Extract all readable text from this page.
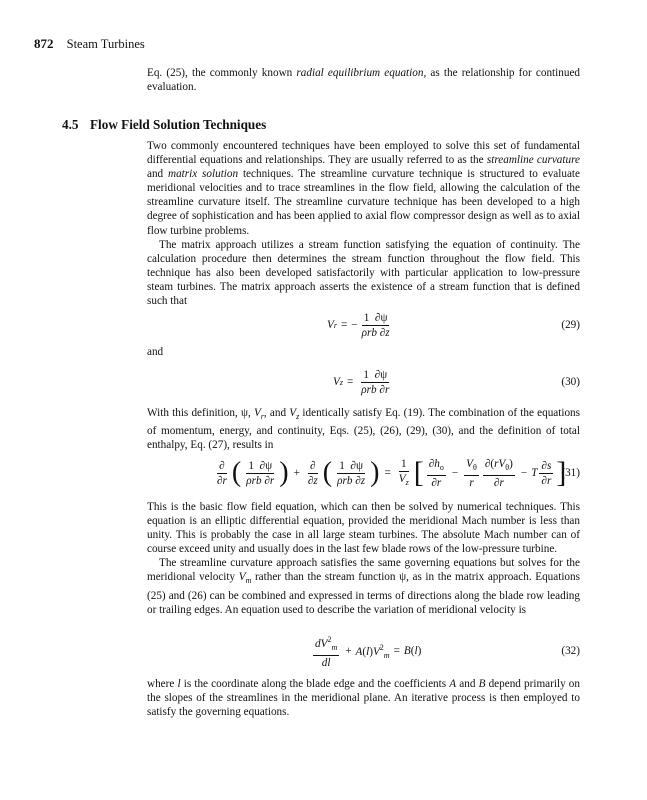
872 Steam Turbines

Eq. (25), the commonly known radial equilibrium equation, as the relationship for continued evaluation.

4.5 Flow Field Solution Techniques

Two commonly encountered techniques have been employed to solve this set of fundamental differential equations and relationships. They are usually referred to as the streamline curvature and matrix solution techniques. The streamline curvature technique is structured to evaluate meridional velocities and to trace streamlines in the flow field, allowing the calculation of the streamline curvature itself. The streamline curvature technique has been developed to a high degree of sophistication and has been applied to axial flow compressor design as well as to axial flow turbine problems.

The matrix approach utilizes a stream function satisfying the equation of continuity. The calculation procedure then determines the stream function throughout the flow field. This technique has also been developed satisfactorily with particular application to low-pressure steam turbines. The matrix approach asserts the existence of a stream function that is defined such that

V r = − $\frac{1 \partial\psi}{\text{ρrb ∂z}}$	(29)
and
V $z = \frac{1 \partial\psi}{\text{ρrb ∂r}}$	(30)

With this definition, ψ, $V_r$, and $V_z$ identically satisfy Eq. (19). The combination of the equations of momentum, energy, and continuity, Eqs. (25), (26), (29), (30), and the definition of total enthalpy, Eq. (27), results in

$\frac{\partial}{\partial r}$ ( $\frac{1 \partial\psi}{\text{ρrb ∂r}}$ ) + $\frac{\partial}{\partial z}$ ( $\frac{1 \partial\psi}{\text{ρrb ∂z}}$ ) = $\frac{1}{V_z}$ [ $\frac{\partial h_o}{\partial r} - \frac{V_\theta}{r} \frac{\partial(rV_\theta)}{\partial r} - T \frac{\partial s}{\partial r}$ ]
(31)

This is the basic flow field equation, which can then be solved by numerical techniques. This equation is an elliptic differential equation, provided the meridional Mach number is less than unity. This is probably the case in all large steam turbines. The absolute Mach number can of course exceed unity and usually does in the last few blade rows of the low-pressure turbine.

The streamline curvature approach satisfies the same governing equations but solves for the meridional velocity $V_m$ rather than the stream function ψ, as in the matrix approach. Equations (25) and (26) can be combined and expressed in terms of directions along the blade row leading or trailing edges. An equation used to describe the variation of meridional velocity is

$\frac{dV^2_m}{dl} + A(l)V^2_m = B(l)$	(32)

where l is the coordinate along the blade edge and the coefficients A and B depend primarily on the slopes of the streamlines in the meridional plane. An iterative process is then employed to satisfy the governing equations.
